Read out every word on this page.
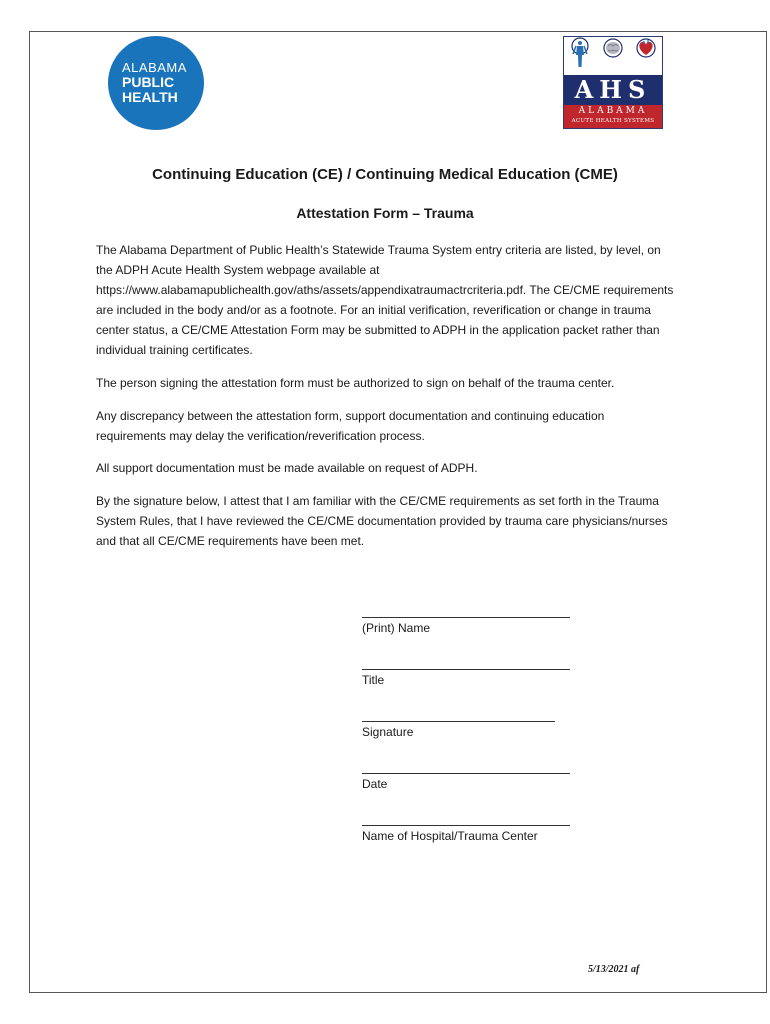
ALABAMA
PUBLIC
HEALTH	AHS
ALABAMA
ACUTE HEALTH SYSTEMS
Continuing Education (CE) / Continuing Medical Education (CME)
Attestation Form – Trauma

The Alabama Department of Public Health’s Statewide Trauma System entry criteria are listed, by level, on the ADPH Acute Health System webpage available at https://www.alabamapublichealth.gov/aths/assets/appendixatraumactrcriteria.pdf. The CE/CME requirements are included in the body and/or as a footnote. For an initial verification, reverification or change in trauma center status, a CE/CME Attestation Form may be submitted to ADPH in the application packet rather than individual training certificates.

The person signing the attestation form must be authorized to sign on behalf of the trauma center.

Any discrepancy between the attestation form, support documentation and continuing education requirements may delay the verification/reverification process.

All support documentation must be made available on request of ADPH.

By the signature below, I attest that I am familiar with the CE/CME requirements as set forth in the Trauma System Rules, that I have reviewed the CE/CME documentation provided by trauma care physicians/nurses and that all CE/CME requirements have been met.

(Print) Name
Title
Signature
Date
Name of Hospital/Trauma Center
5/13/2021 af
